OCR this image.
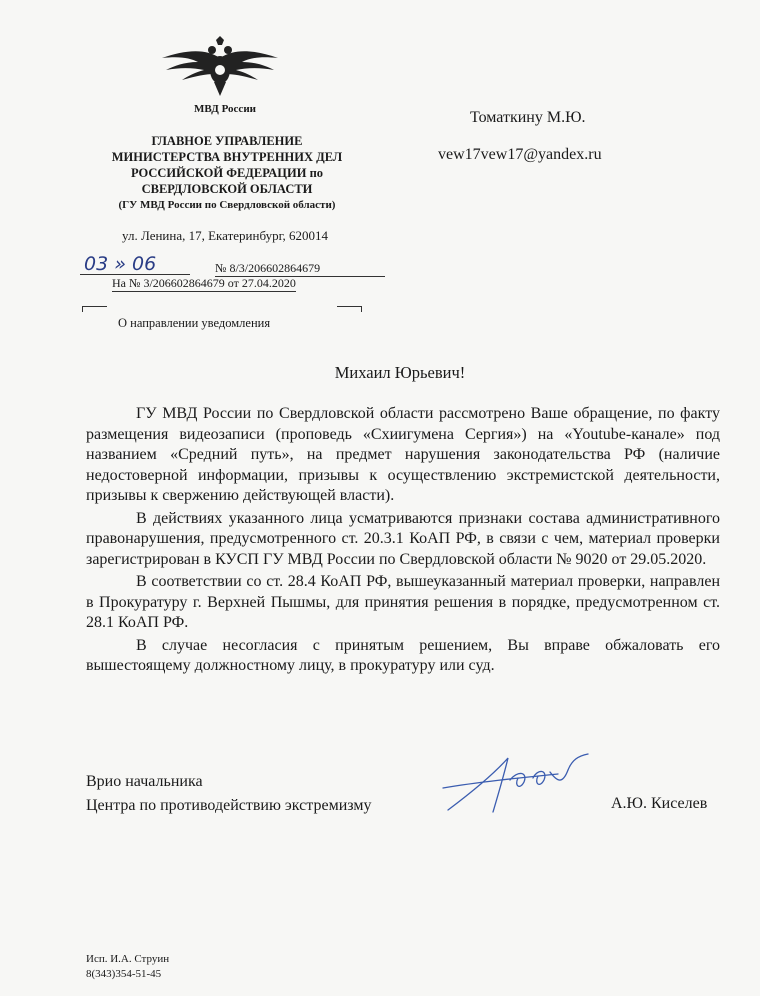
МВД России
ГЛАВНОЕ УПРАВЛЕНИЕ
МИНИСТЕРСТВА ВНУТРЕННИХ ДЕЛ
РОССИЙСКОЙ ФЕДЕРАЦИИ по
СВЕРДЛОВСКОЙ ОБЛАСТИ
(ГУ МВД России по Свердловской области)
ул. Ленина, 17, Екатеринбург, 620014
03 » 06	№ 8/3/206602864679
На № 3/206602864679 от 27.04.2020
О направлении уведомления
Томаткину М.Ю.
vew17vew17@yandex.ru
Михаил Юрьевич!

ГУ МВД России по Свердловской области рассмотрено Ваше обращение, по факту размещения видеозаписи (проповедь «Схиигумена Сергия») на «Youtube-канале» под названием «Средний путь», на предмет нарушения законодательства РФ (наличие недостоверной информации, призывы к осуществлению экстремистской деятельности, призывы к свержению действующей власти).

В действиях указанного лица усматриваются признаки состава административного правонарушения, предусмотренного ст. 20.3.1 КоАП РФ, в связи с чем, материал проверки зарегистрирован в КУСП ГУ МВД России по Свердловской области № 9020 от 29.05.2020.

В соответствии со ст. 28.4 КоАП РФ, вышеуказанный материал проверки, направлен в Прокуратуру г. Верхней Пышмы, для принятия решения в порядке, предусмотренном ст. 28.1 КоАП РФ.

В случае несогласия с принятым решением, Вы вправе обжаловать его вышестоящему должностному лицу, в прокуратуру или суд.

Врио начальника
Центра по противодействию экстремизму	А.Ю. Киселев
Исп. И.А. Струин
8(343)354-51-45
